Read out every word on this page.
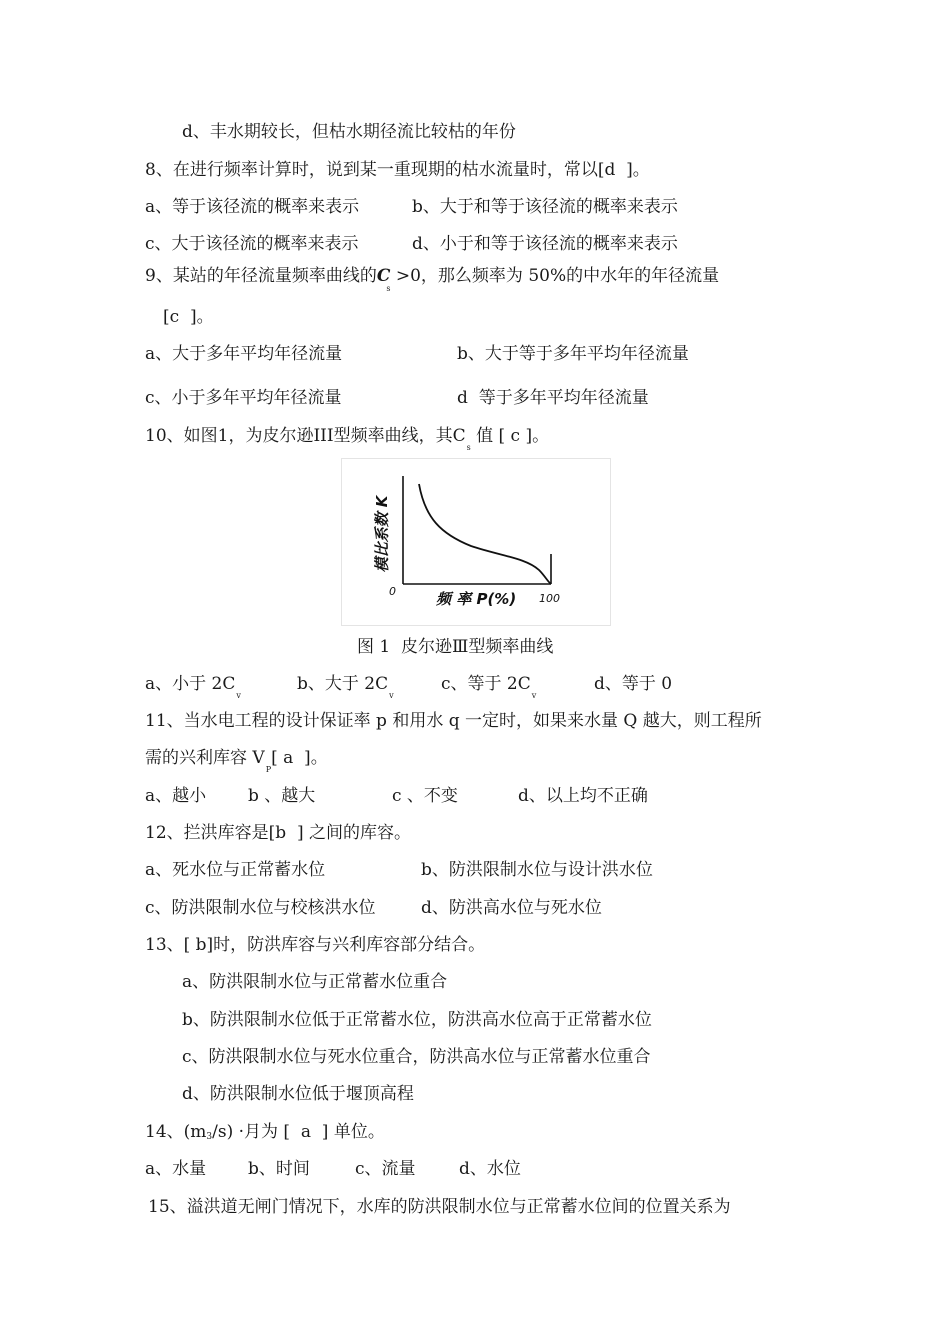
d、丰水期较长，但枯水期径流比较枯的年份
8、在进行频率计算时，说到某一重现期的枯水流量时，常以[d  ]。
a、等于该径流的概率来表示	b、大于和等于该径流的概率来表示
c、大于该径流的概率来表示	d、小于和等于该径流的概率来表示
9、某站的年径流量频率曲线的$C_s >0$，那么频率为 50%的中水年的年径流量
[c  ]。
a、大于多年平均年径流量	b、大于等于多年平均年径流量
c、小于多年平均年径流量	d  等于多年平均年径流量
10、如图1，为皮尔逊III型频率曲线，其$C_s$ 值 [ c ]。
模比系数 K
0	频 率 P(%) 100
图 1  皮尔逊Ⅲ型频率曲线
a、小于 $2C_v$
b、大于 $2C_v$
c、等于 $2C_v$
d、等于 0
11、当水电工程的设计保证率 p 和用水 q 一定时，如果来水量 Q 越大，则工程所
需的兴利库容 $V_P$[ a  ]。
a、越小 b 、越大	c 、不变	d、以上均不正确
12、拦洪库容是[b  ] 之间的库容。
a、死水位与正常蓄水位	b、防洪限制水位与设计洪水位
c、防洪限制水位与校核洪水位	d、防洪高水位与死水位
13、[ b]时，防洪库容与兴利库容部分结合。
a、防洪限制水位与正常蓄水位重合
b、防洪限制水位低于正常蓄水位，防洪高水位高于正常蓄水位
c、防洪限制水位与死水位重合，防洪高水位与正常蓄水位重合
d、防洪限制水位低于堰顶高程
14、(m3/s) ·月为 [  a  ] 单位。
a、水量 b、时间	c、流量	d、水位
15、溢洪道无闸门情况下，水库的防洪限制水位与正常蓄水位间的位置关系为
